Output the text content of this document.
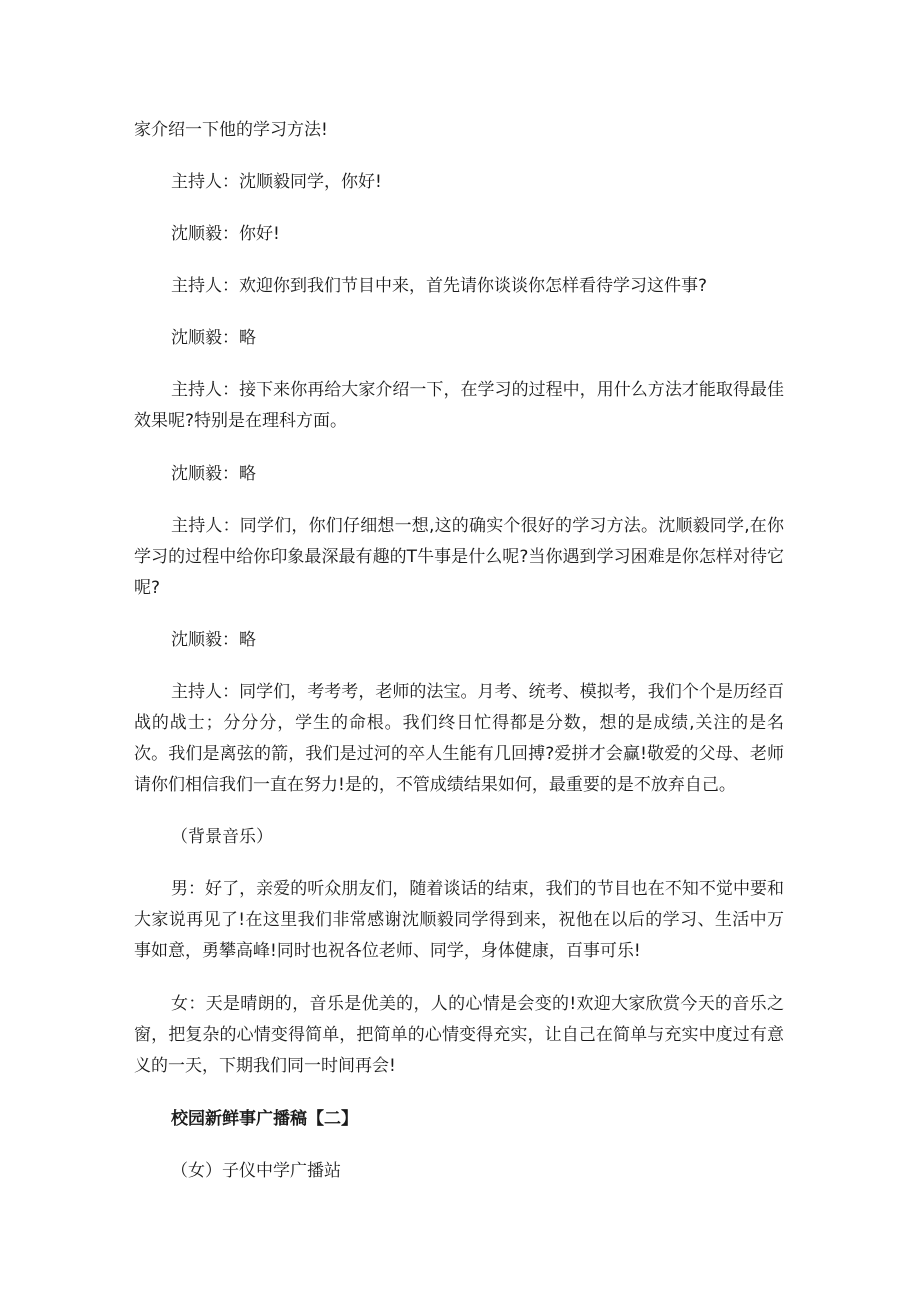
家介绍一下他的学习方法!

主持人：沈顺毅同学，你好!

沈顺毅：你好!

主持人：欢迎你到我们节目中来，首先请你谈谈你怎样看待学习这件事?

沈顺毅：略

主持人：接下来你再给大家介绍一下，在学习的过程中，用什么方法才能取得最佳效果呢?特别是在理科方面。

沈顺毅：略

主持人：同学们，你们仔细想一想,这的确实个很好的学习方法。沈顺毅同学,在你学习的过程中给你印象最深最有趣的T牛事是什么呢?当你遇到学习困难是你怎样对待它呢?

沈顺毅：略

主持人：同学们，考考考，老师的法宝。月考、统考、模拟考，我们个个是历经百战的战士；分分分，学生的命根。我们终日忙得都是分数，想的是成绩,关注的是名次。我们是离弦的箭，我们是过河的卒人生能有几回搏?爱拼才会赢!敬爱的父母、老师请你们相信我们一直在努力!是的，不管成绩结果如何，最重要的是不放弃自己。

（背景音乐）

男：好了，亲爱的听众朋友们，随着谈话的结束，我们的节目也在不知不觉中要和大家说再见了!在这里我们非常感谢沈顺毅同学得到来，祝他在以后的学习、生活中万事如意，勇攀高峰!同时也祝各位老师、同学，身体健康，百事可乐!

女：天是晴朗的，音乐是优美的，人的心情是会变的!欢迎大家欣赏今天的音乐之窗，把复杂的心情变得简单，把简单的心情变得充实，让自己在简单与充实中度过有意义的一天，下期我们同一时间再会!

校园新鲜事广播稿【二】

（女）子仪中学广播站
